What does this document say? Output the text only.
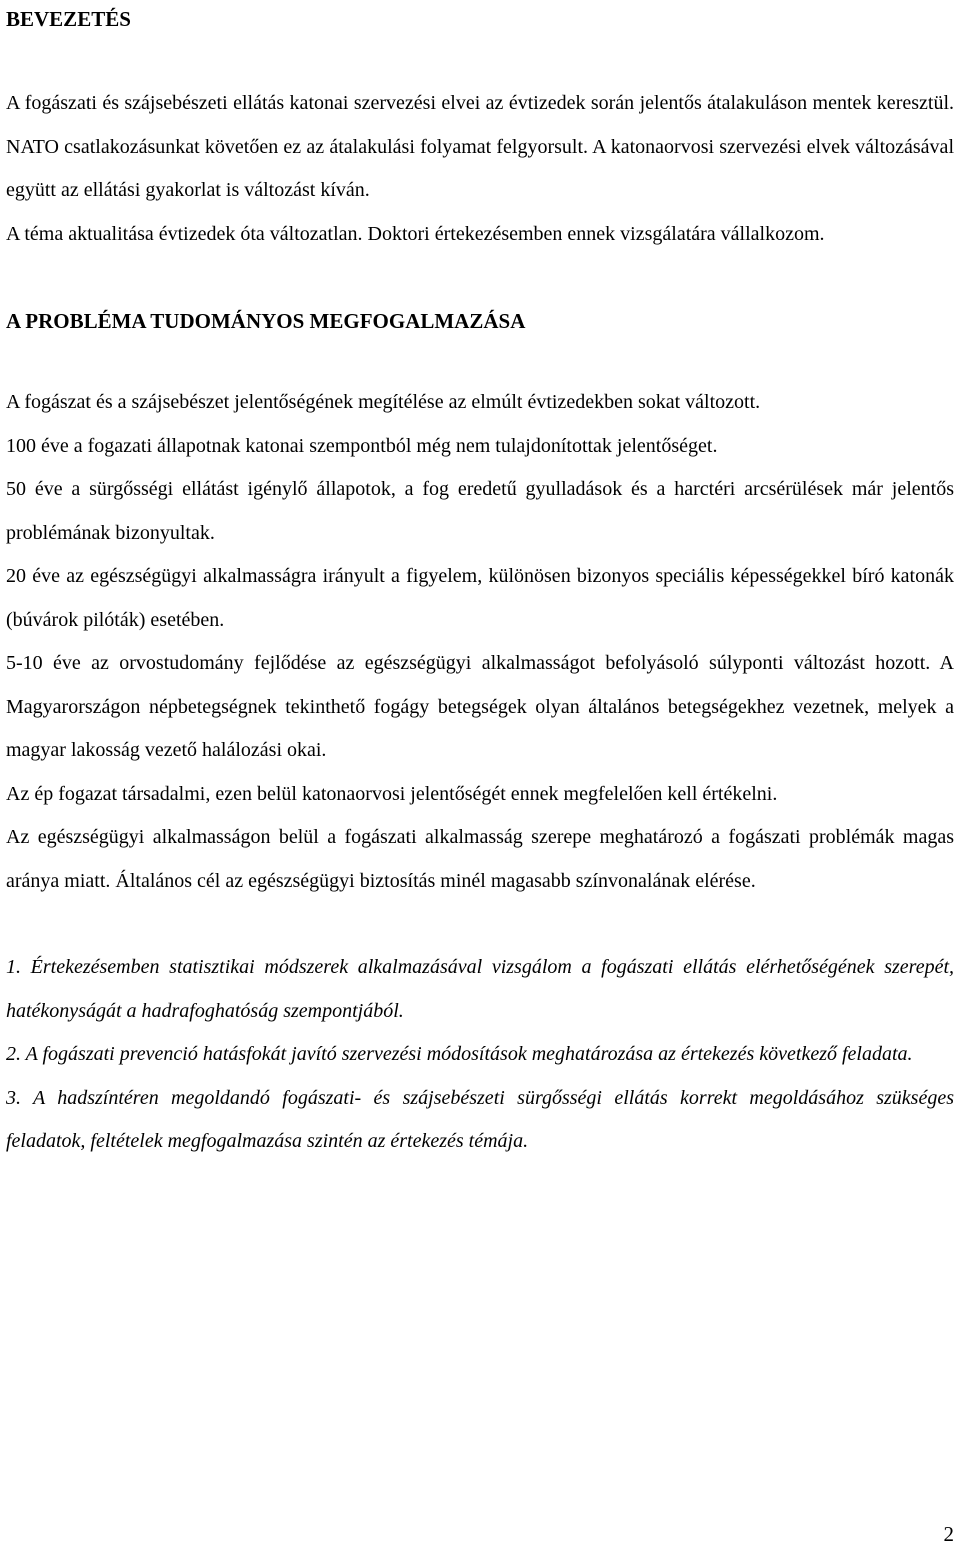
BEVEZETÉS

A fogászati és szájsebészeti ellátás katonai szervezési elvei az évtizedek során jelentős átalakuláson mentek keresztül. NATO csatlakozásunkat követően ez az átalakulási folyamat felgyorsult. A katonaorvosi szervezési elvek változásával együtt az ellátási gyakorlat is változást kíván.

A téma aktualitása évtizedek óta változatlan. Doktori értekezésemben ennek vizsgálatára vállalkozom.

A PROBLÉMA TUDOMÁNYOS MEGFOGALMAZÁSA

A fogászat és a szájsebészet jelentőségének megítélése az elmúlt évtizedekben sokat változott.

100 éve a fogazati állapotnak katonai szempontból még nem tulajdonítottak jelentőséget.

50 éve a sürgősségi ellátást igénylő állapotok, a fog eredetű gyulladások és a harctéri arcsérülések már jelentős problémának bizonyultak.

20 éve az egészségügyi alkalmasságra irányult a figyelem, különösen bizonyos speciális képességekkel bíró katonák (búvárok pilóták) esetében.

5-10 éve az orvostudomány fejlődése az egészségügyi alkalmasságot befolyásoló súlyponti változást hozott. A Magyarországon népbetegségnek tekinthető fogágy betegségek olyan általános betegségekhez vezetnek, melyek a magyar lakosság vezető halálozási okai.

Az ép fogazat társadalmi, ezen belül katonaorvosi jelentőségét ennek megfelelően kell értékelni.

Az egészségügyi alkalmasságon belül a fogászati alkalmasság szerepe meghatározó a fogászati problémák magas aránya miatt. Általános cél az egészségügyi biztosítás minél magasabb színvonalának elérése.

1. Értekezésemben statisztikai módszerek alkalmazásával vizsgálom a fogászati ellátás elérhetőségének szerepét, hatékonyságát a hadrafoghatóság szempontjából.

2. A fogászati prevenció hatásfokát javító szervezési módosítások meghatározása az értekezés következő feladata.

3. A hadszíntéren megoldandó fogászati- és szájsebészeti sürgősségi ellátás korrekt megoldásához szükséges feladatok, feltételek megfogalmazása szintén az értekezés témája.

2
